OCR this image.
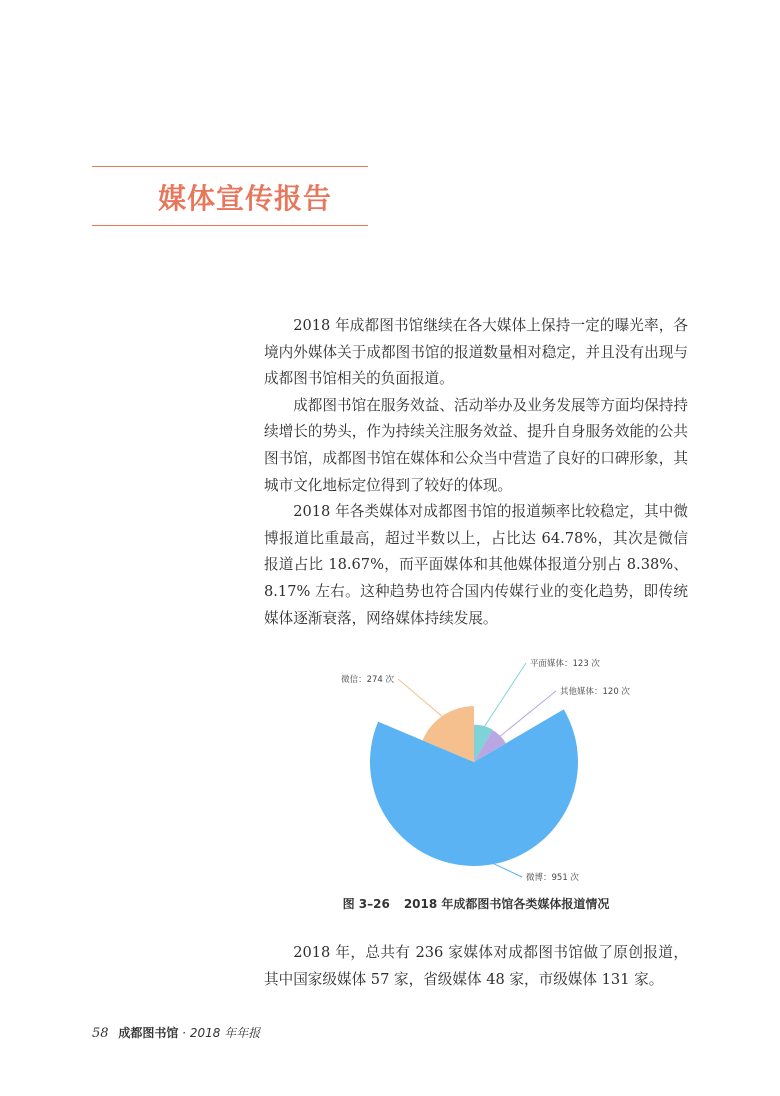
媒体宣传报告

2018 年成都图书馆继续在各大媒体上保持一定的曝光率，各境内外媒体关于成都图书馆的报道数量相对稳定，并且没有出现与成都图书馆相关的负面报道。

成都图书馆在服务效益、活动举办及业务发展等方面均保持持续增长的势头，作为持续关注服务效益、提升自身服务效能的公共图书馆，成都图书馆在媒体和公众当中营造了良好的口碑形象，其城市文化地标定位得到了较好的体现。

2018 年各类媒体对成都图书馆的报道频率比较稳定，其中微博报道比重最高，超过半数以上，占比达 64.78%，其次是微信报道占比 18.67%，而平面媒体和其他媒体报道分别占 8.38%、8.17% 左右。这种趋势也符合国内传媒行业的变化趋势，即传统媒体逐渐衰落，网络媒体持续发展。

平面媒体：123 次
其他媒体：120 次
微博：951 次
微信：274 次
图 3–26 2018 年成都图书馆各类媒体报道情况

2018 年，总共有 236 家媒体对成都图书馆做了原创报道，其中国家级媒体 57 家，省级媒体 48 家，市级媒体 131 家。

58 成都图书馆 · 2018 年年报
